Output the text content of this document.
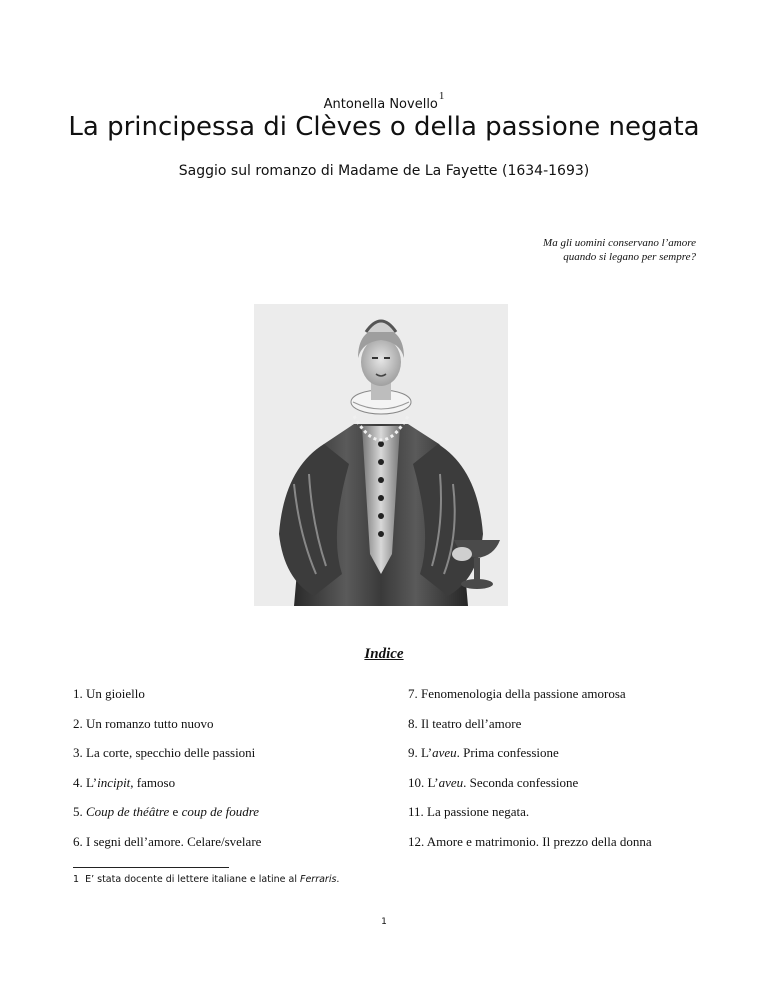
Antonella Novello$^1$
La principessa di Clèves o della passione negata
Saggio sul romanzo di Madame de La Fayette (1634-1693)
Ma gli uomini conservano l’amore
quando si legano per sempre?
Indice
1. Un gioiello	7. Fenomenologia della passione amorosa
2. Un romanzo tutto nuovo	8. Il teatro dell’amore
3. La corte, specchio delle passioni	9. L’aveu. Prima confessione
4. L’incipit, famoso	10. L’aveu. Seconda confessione
5. Coup de théâtre e coup de foudre	11. La passione negata.
6. I segni dell’amore. Celare/svelare	12. Amore e matrimonio. Il prezzo della donna
1 E’ stata docente di lettere italiane e latine al Ferraris.
1
